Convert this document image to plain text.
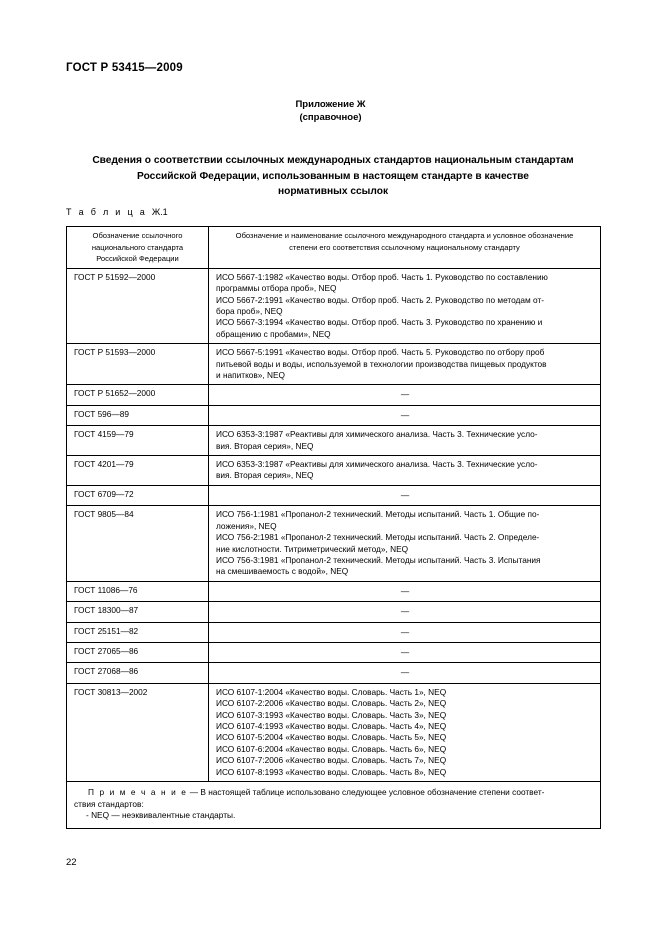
ГОСТ Р 53415—2009
Приложение Ж
(справочное)
Сведения о соответствии ссылочных международных стандартов национальным стандартам
Российской Федерации, использованным в настоящем стандарте в качестве
нормативных ссылок
Т а б л и ц а Ж.1
Обозначение ссылочного национального стандарта Российской Федерации	Обозначение и наименование ссылочного международного стандарта и условное обозначение степени его соответствия ссылочному национальному стандарту
ГОСТ Р 51592—2000	ИСО 5667-1:1982 «Качество воды. Отбор проб. Часть 1. Руководство по составлению
программы отбора проб», NEQ
ИСО 5667-2:1991 «Качество воды. Отбор проб. Часть 2. Руководство по методам от-
бора проб», NEQ
ИСО 5667-3:1994 «Качество воды. Отбор проб. Часть 3. Руководство по хранению и
обращению с пробами», NEQ

ГОСТ Р 51593—2000	ИСО 5667-5:1991 «Качество воды. Отбор проб. Часть 5. Руководство по отбору проб
питьевой воды и воды, используемой в технологии производства пищевых продуктов
и напитков», NEQ

ГОСТ Р 51652—2000	—

ГОСТ 596—89	—

ГОСТ 4159—79	ИСО 6353-3:1987 «Реактивы для химического анализа. Часть 3. Технические усло-
вия. Вторая серия», NEQ

ГОСТ 4201—79	ИСО 6353-3:1987 «Реактивы для химического анализа. Часть 3. Технические усло-
вия. Вторая серия», NEQ

ГОСТ 6709—72	—

ГОСТ 9805—84	ИСО 756-1:1981 «Пропанол-2 технический. Методы испытаний. Часть 1. Общие по-
ложения», NEQ
ИСО 756-2:1981 «Пропанол-2 технический. Методы испытаний. Часть 2. Определе-
ние кислотности. Титриметрический метод», NEQ
ИСО 756-3:1981 «Пропанол-2 технический. Методы испытаний. Часть 3. Испытания
на смешиваемость с водой», NEQ

ГОСТ 11086—76	—

ГОСТ 18300—87	—

ГОСТ 25151—82	—

ГОСТ 27065—86	—

ГОСТ 27068—86	—

ГОСТ 30813—2002	ИСО 6107-1:2004 «Качество воды. Словарь. Часть 1», NEQ
ИСО 6107-2:2006 «Качество воды. Словарь. Часть 2», NEQ
ИСО 6107-3:1993 «Качество воды. Словарь. Часть 3», NEQ
ИСО 6107-4:1993 «Качество воды. Словарь. Часть 4», NEQ
ИСО 6107-5:2004 «Качество воды. Словарь. Часть 5», NEQ
ИСО 6107-6:2004 «Качество воды. Словарь. Часть 6», NEQ
ИСО 6107-7:2006 «Качество воды. Словарь. Часть 7», NEQ
ИСО 6107-8:1993 «Качество воды. Словарь. Часть 8», NEQ

П р и м е ч а н и е — В настоящей таблице использовано следующее условное обозначение степени соответ-
ствия стандартов:
- NEQ — неэквивалентные стандарты.	
22
